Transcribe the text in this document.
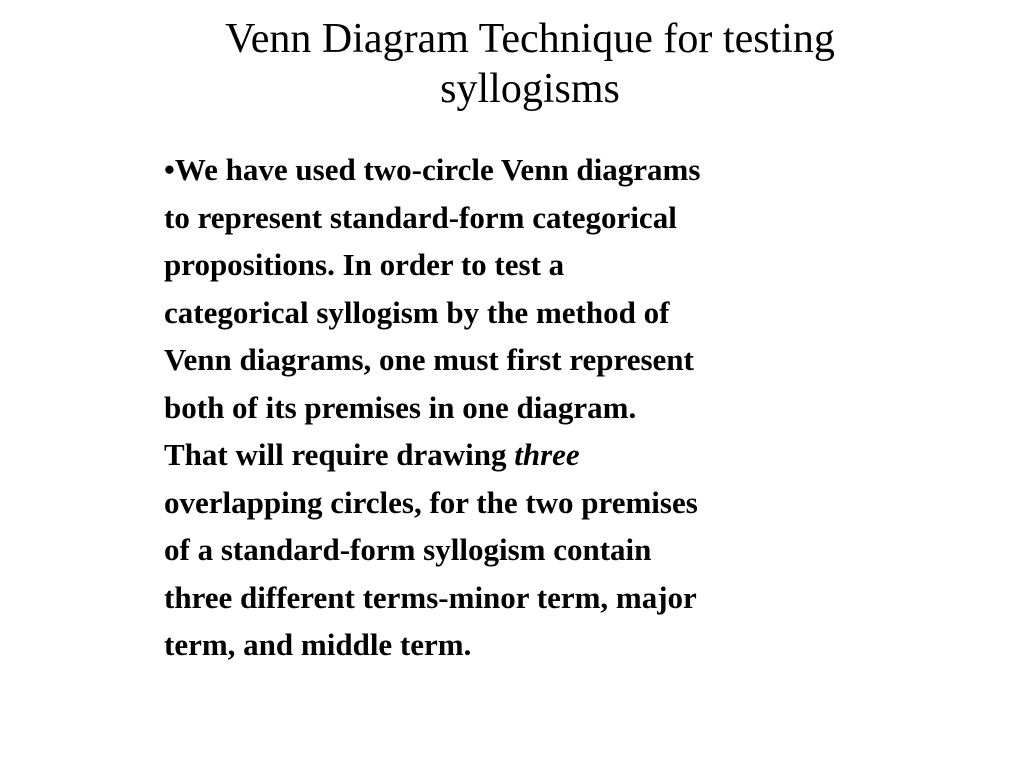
Venn Diagram Technique for testing
syllogisms
•We have used two-circle Venn diagrams
to represent standard-form categorical
propositions. In order to test a
categorical syllogism by the method of
Venn diagrams, one must first represent
both of its premises in one diagram.
That will require drawing three
overlapping circles, for the two premises
of a standard-form syllogism contain
three different terms-minor term, major
term, and middle term.
